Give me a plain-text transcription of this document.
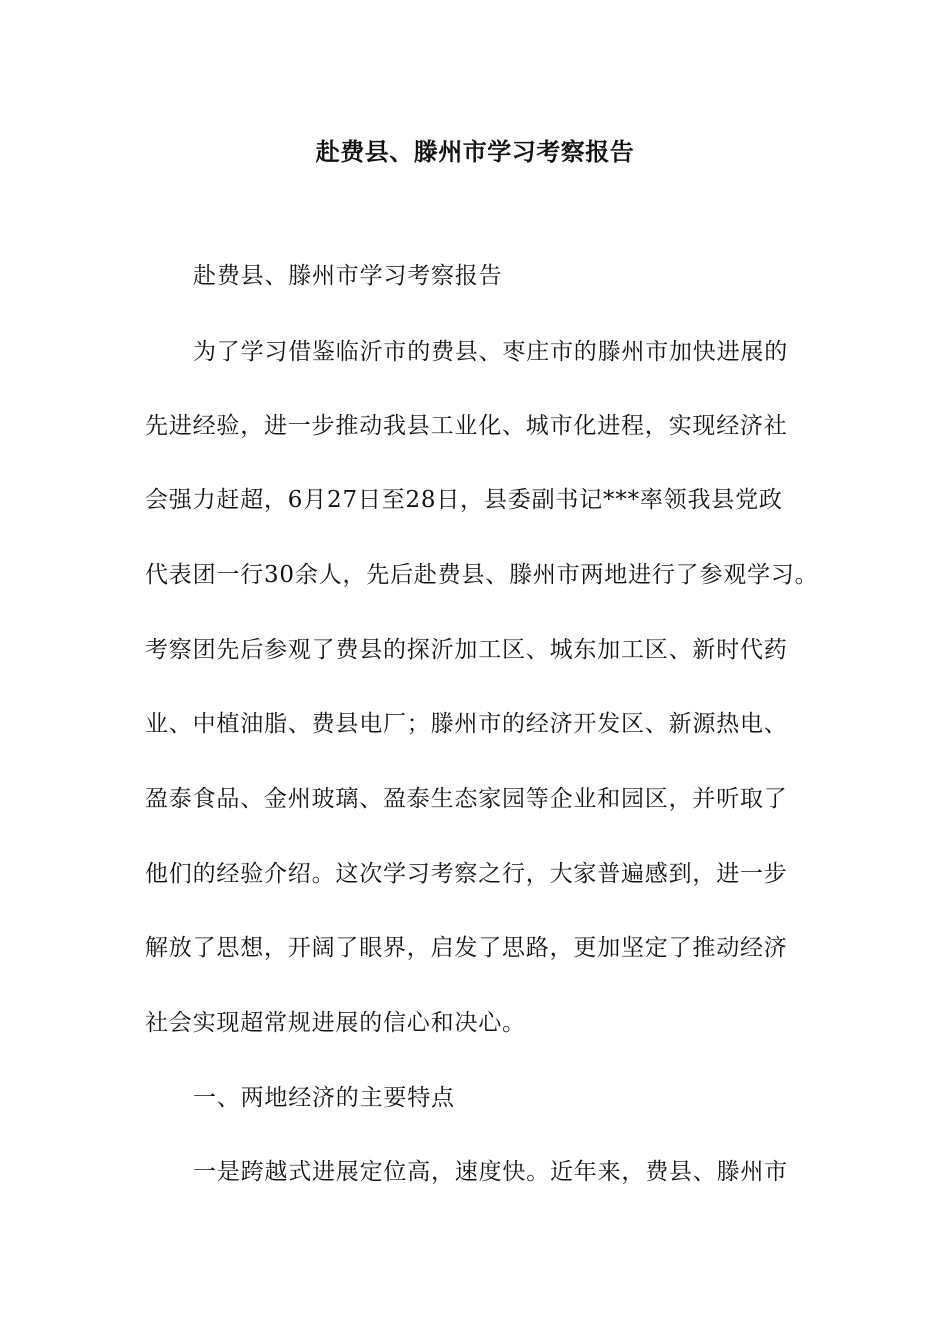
赴费县、滕州市学习考察报告
赴费县、滕州市学习考察报告
为了学习借鉴临沂市的费县、枣庄市的滕州市加快进展的
先进经验，进一步推动我县工业化、城市化进程，实现经济社
会强力赶超，6月27日至28日，县委副书记***率领我县党政
代表团一行30余人，先后赴费县、滕州市两地进行了参观学习。
考察团先后参观了费县的探沂加工区、城东加工区、新时代药
业、中植油脂、费县电厂；滕州市的经济开发区、新源热电、
盈泰食品、金州玻璃、盈泰生态家园等企业和园区，并听取了
他们的经验介绍。这次学习考察之行，大家普遍感到，进一步
解放了思想，开阔了眼界，启发了思路，更加坚定了推动经济
社会实现超常规进展的信心和决心。
一、两地经济的主要特点
一是跨越式进展定位高，速度快。近年来，费县、滕州市
